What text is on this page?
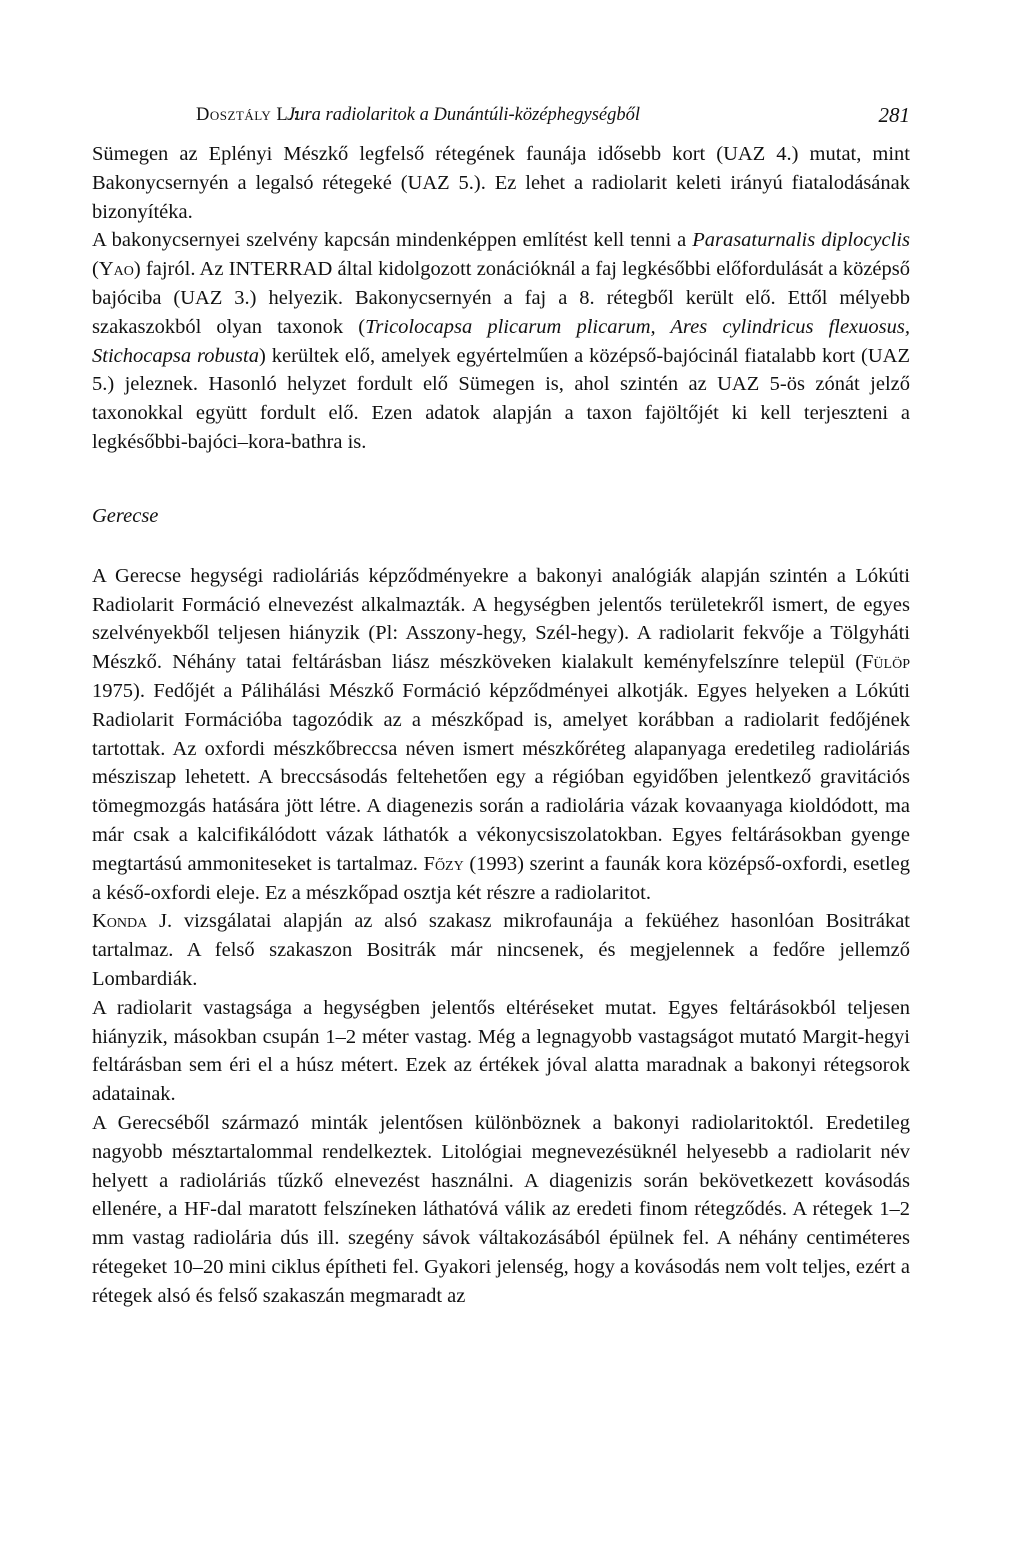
Dosztály L.:
Jura radiolaritok a Dunántúli-középhegységből	281

Sümegen az Eplényi Mészkő legfelső rétegének faunája idősebb kort (UAZ 4.) mutat, mint Bakonycsernyén a legalsó rétegeké (UAZ 5.). Ez lehet a radiolarit keleti irányú fiatalodásának bizonyítéka.

A bakonycsernyei szelvény kapcsán mindenképpen említést kell tenni a Parasaturnalis diplocyclis (Yao) fajról. Az INTERRAD által kidolgozott zonációknál a faj legkésőbbi előfordulását a középső bajóciba (UAZ 3.) helyezik. Bakonycsernyén a faj a 8. rétegből került elő. Ettől mélyebb szakaszokból olyan taxonok (Tricolocapsa plicarum plicarum, Ares cylindricus flexuosus, Stichocapsa robusta) kerültek elő, amelyek egyértelműen a középső-bajócinál fiatalabb kort (UAZ 5.) jeleznek. Hasonló helyzet fordult elő Sümegen is, ahol szintén az UAZ 5-ös zónát jelző taxonokkal együtt fordult elő. Ezen adatok alapján a taxon fajöltőjét ki kell terjeszteni a legkésőbbi-bajóci–kora-bathra is.

Gerecse

A Gerecse hegységi radioláriás képződményekre a bakonyi analógiák alapján szintén a Lókúti Radiolarit Formáció elnevezést alkalmazták. A hegységben jelentős területekről ismert, de egyes szelvényekből teljesen hiányzik (Pl: Asszony-hegy, Szél-hegy). A radiolarit fekvője a Tölgyháti Mészkő. Néhány tatai feltárásban liász mészköveken kialakult keményfelszínre települ (Fülöp 1975). Fedőjét a Pálihálási Mészkő Formáció képződményei alkotják. Egyes helyeken a Lókúti Radiolarit Formációba tagozódik az a mészkőpad is, amelyet korábban a radiolarit fedőjének tartottak. Az oxfordi mészkőbreccsa néven ismert mészkőréteg alapanyaga eredetileg radioláriás mésziszap lehetett. A breccsásodás feltehetően egy a régióban egyidőben jelentkező gravitációs tömegmozgás hatására jött létre. A diagenezis során a radiolária vázak kovaanyaga kioldódott, ma már csak a kalcifikálódott vázak láthatók a vékonycsiszolatokban. Egyes feltárásokban gyenge megtartású ammoniteseket is tartalmaz. Főzy (1993) szerint a faunák kora középső-oxfordi, esetleg a késő-oxfordi eleje. Ez a mészkőpad osztja két részre a radiolaritot.

Konda J. vizsgálatai alapján az alsó szakasz mikrofaunája a feküéhez hasonlóan Bositrákat tartalmaz. A felső szakaszon Bositrák már nincsenek, és megjelennek a fedőre jellemző Lombardiák.

A radiolarit vastagsága a hegységben jelentős eltéréseket mutat. Egyes feltárásokból teljesen hiányzik, másokban csupán 1–2 méter vastag. Még a legnagyobb vastagságot mutató Margit-hegyi feltárásban sem éri el a húsz métert. Ezek az értékek jóval alatta maradnak a bakonyi rétegsorok adatainak.

A Gerecséből származó minták jelentősen különböznek a bakonyi radiolaritoktól. Eredetileg nagyobb mésztartalommal rendelkeztek. Litológiai megnevezésüknél helyesebb a radiolarit név helyett a radioláriás tűzkő elnevezést használni. A diagenizis során bekövetkezett kovásodás ellenére, a HF-dal maratott felszíneken láthatóvá válik az eredeti finom rétegződés. A rétegek 1–2 mm vastag radiolária dús ill. szegény sávok váltakozásából épülnek fel. A néhány centiméteres rétegeket 10–20 mini ciklus építheti fel. Gyakori jelenség, hogy a kovásodás nem volt teljes, ezért a rétegek alsó és felső szakaszán megmaradt az
